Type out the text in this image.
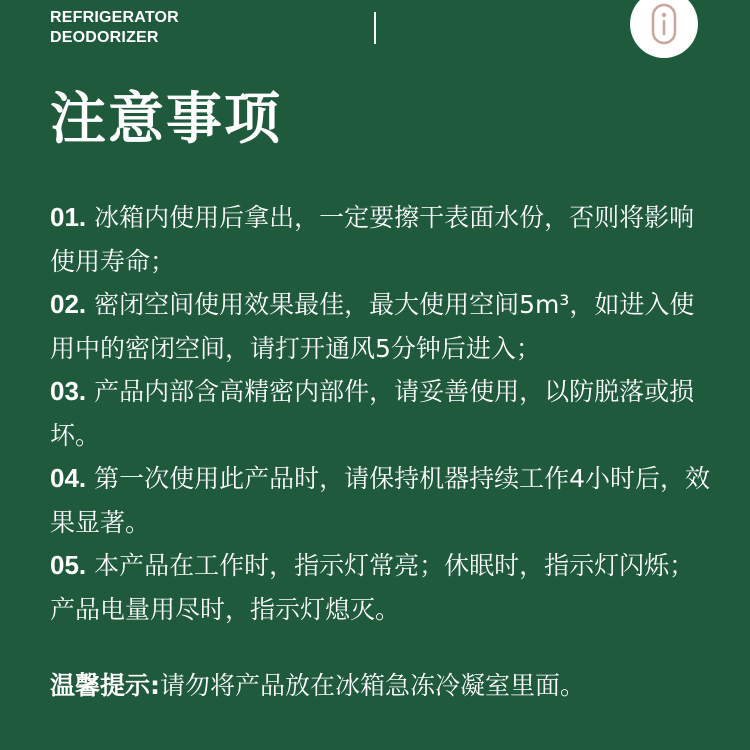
REFRIGERATOR
DEODORIZER
注意事项
01. 冰箱内使用后拿出，一定要擦干表面水份，否则将影响使用寿命；
02. 密闭空间使用效果最佳，最大使用空间5m³，如进入使用中的密闭空间，请打开通风5分钟后进入；
03. 产品内部含高精密内部件，请妥善使用，以防脱落或损坏。
04. 第一次使用此产品时，请保持机器持续工作4小时后，效果显著。
05. 本产品在工作时，指示灯常亮；休眠时，指示灯闪烁；产品电量用尽时，指示灯熄灭。
温馨提示:请勿将产品放在冰箱急冻冷凝室里面。
